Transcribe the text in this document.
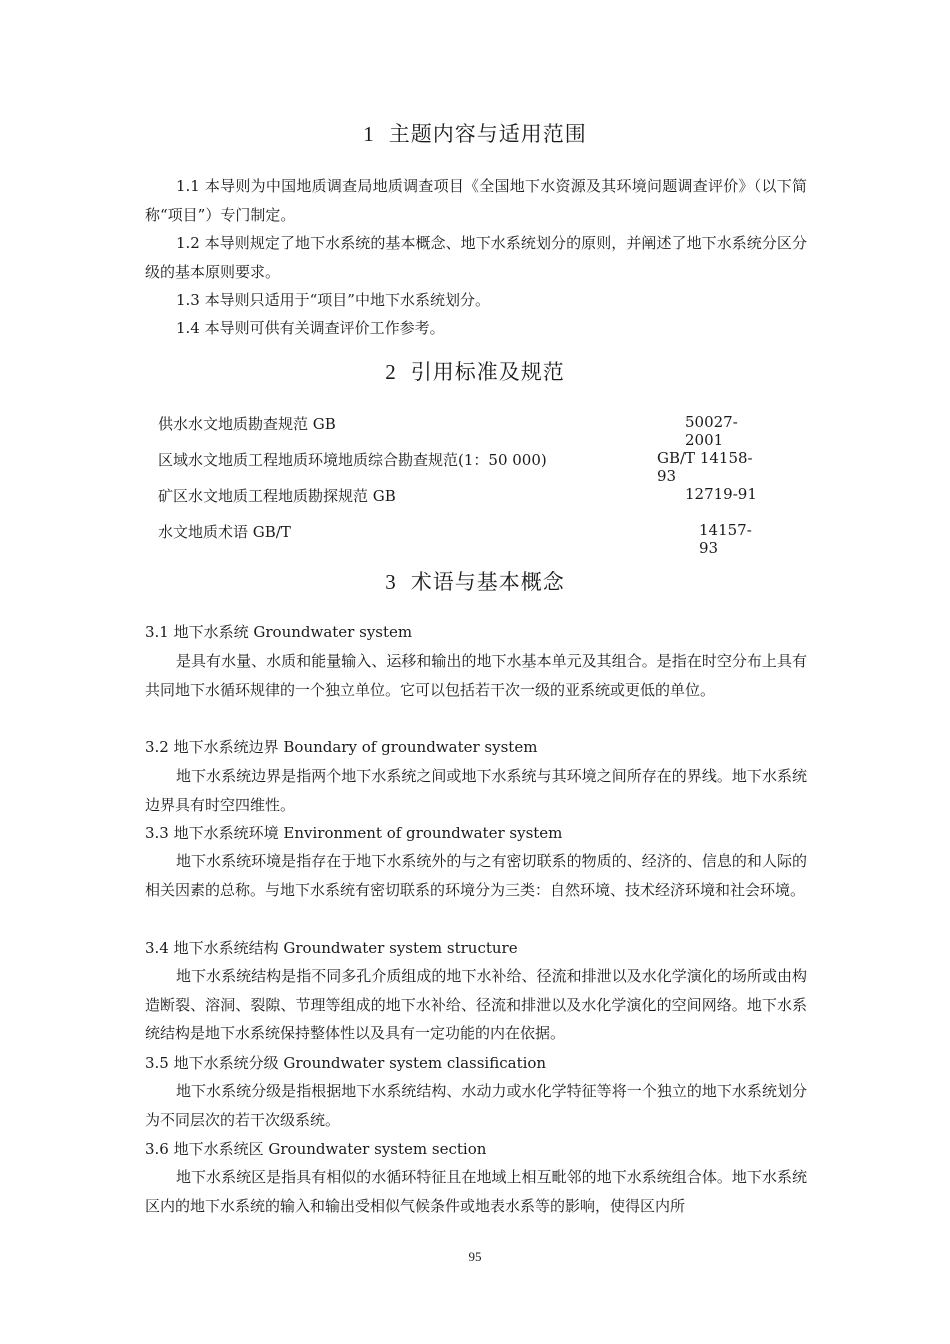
1 主题内容与适用范围
1.1 本导则为中国地质调查局地质调查项目《全国地下水资源及其环境问题调查评价》（以下简称“项目”）专门制定。
1.2 本导则规定了地下水系统的基本概念、地下水系统划分的原则，并阐述了地下水系统分区分级的基本原则要求。
1.3 本导则只适用于“项目”中地下水系统划分。
1.4 本导则可供有关调查评价工作参考。
2 引用标准及规范
供水水文地质勘查规范 GB	50027-2001
区域水文地质工程地质环境地质综合勘查规范(1：50 000)	GB/T 14158-93
矿区水文地质工程地质勘探规范 GB	12719-91
水文地质术语 GB/T	14157-93
3 术语与基本概念
3.1 地下水系统 Groundwater system
是具有水量、水质和能量输入、运移和输出的地下水基本单元及其组合。是指在时空分布上具有共同地下水循环规律的一个独立单位。它可以包括若干次一级的亚系统或更低的单位。
3.2 地下水系统边界 Boundary of groundwater system
地下水系统边界是指两个地下水系统之间或地下水系统与其环境之间所存在的界线。地下水系统边界具有时空四维性。
3.3 地下水系统环境 Environment of groundwater system
地下水系统环境是指存在于地下水系统外的与之有密切联系的物质的、经济的、信息的和人际的相关因素的总称。与地下水系统有密切联系的环境分为三类：自然环境、技术经济环境和社会环境。
3.4 地下水系统结构 Groundwater system structure
地下水系统结构是指不同多孔介质组成的地下水补给、径流和排泄以及水化学演化的场所或由构造断裂、溶洞、裂隙、节理等组成的地下水补给、径流和排泄以及水化学演化的空间网络。地下水系统结构是地下水系统保持整体性以及具有一定功能的内在依据。
3.5 地下水系统分级 Groundwater system classification
地下水系统分级是指根据地下水系统结构、水动力或水化学特征等将一个独立的地下水系统划分为不同层次的若干次级系统。
3.6 地下水系统区 Groundwater system section
地下水系统区是指具有相似的水循环特征且在地域上相互毗邻的地下水系统组合体。地下水系统区内的地下水系统的输入和输出受相似气候条件或地表水系等的影响，使得区内所
95
